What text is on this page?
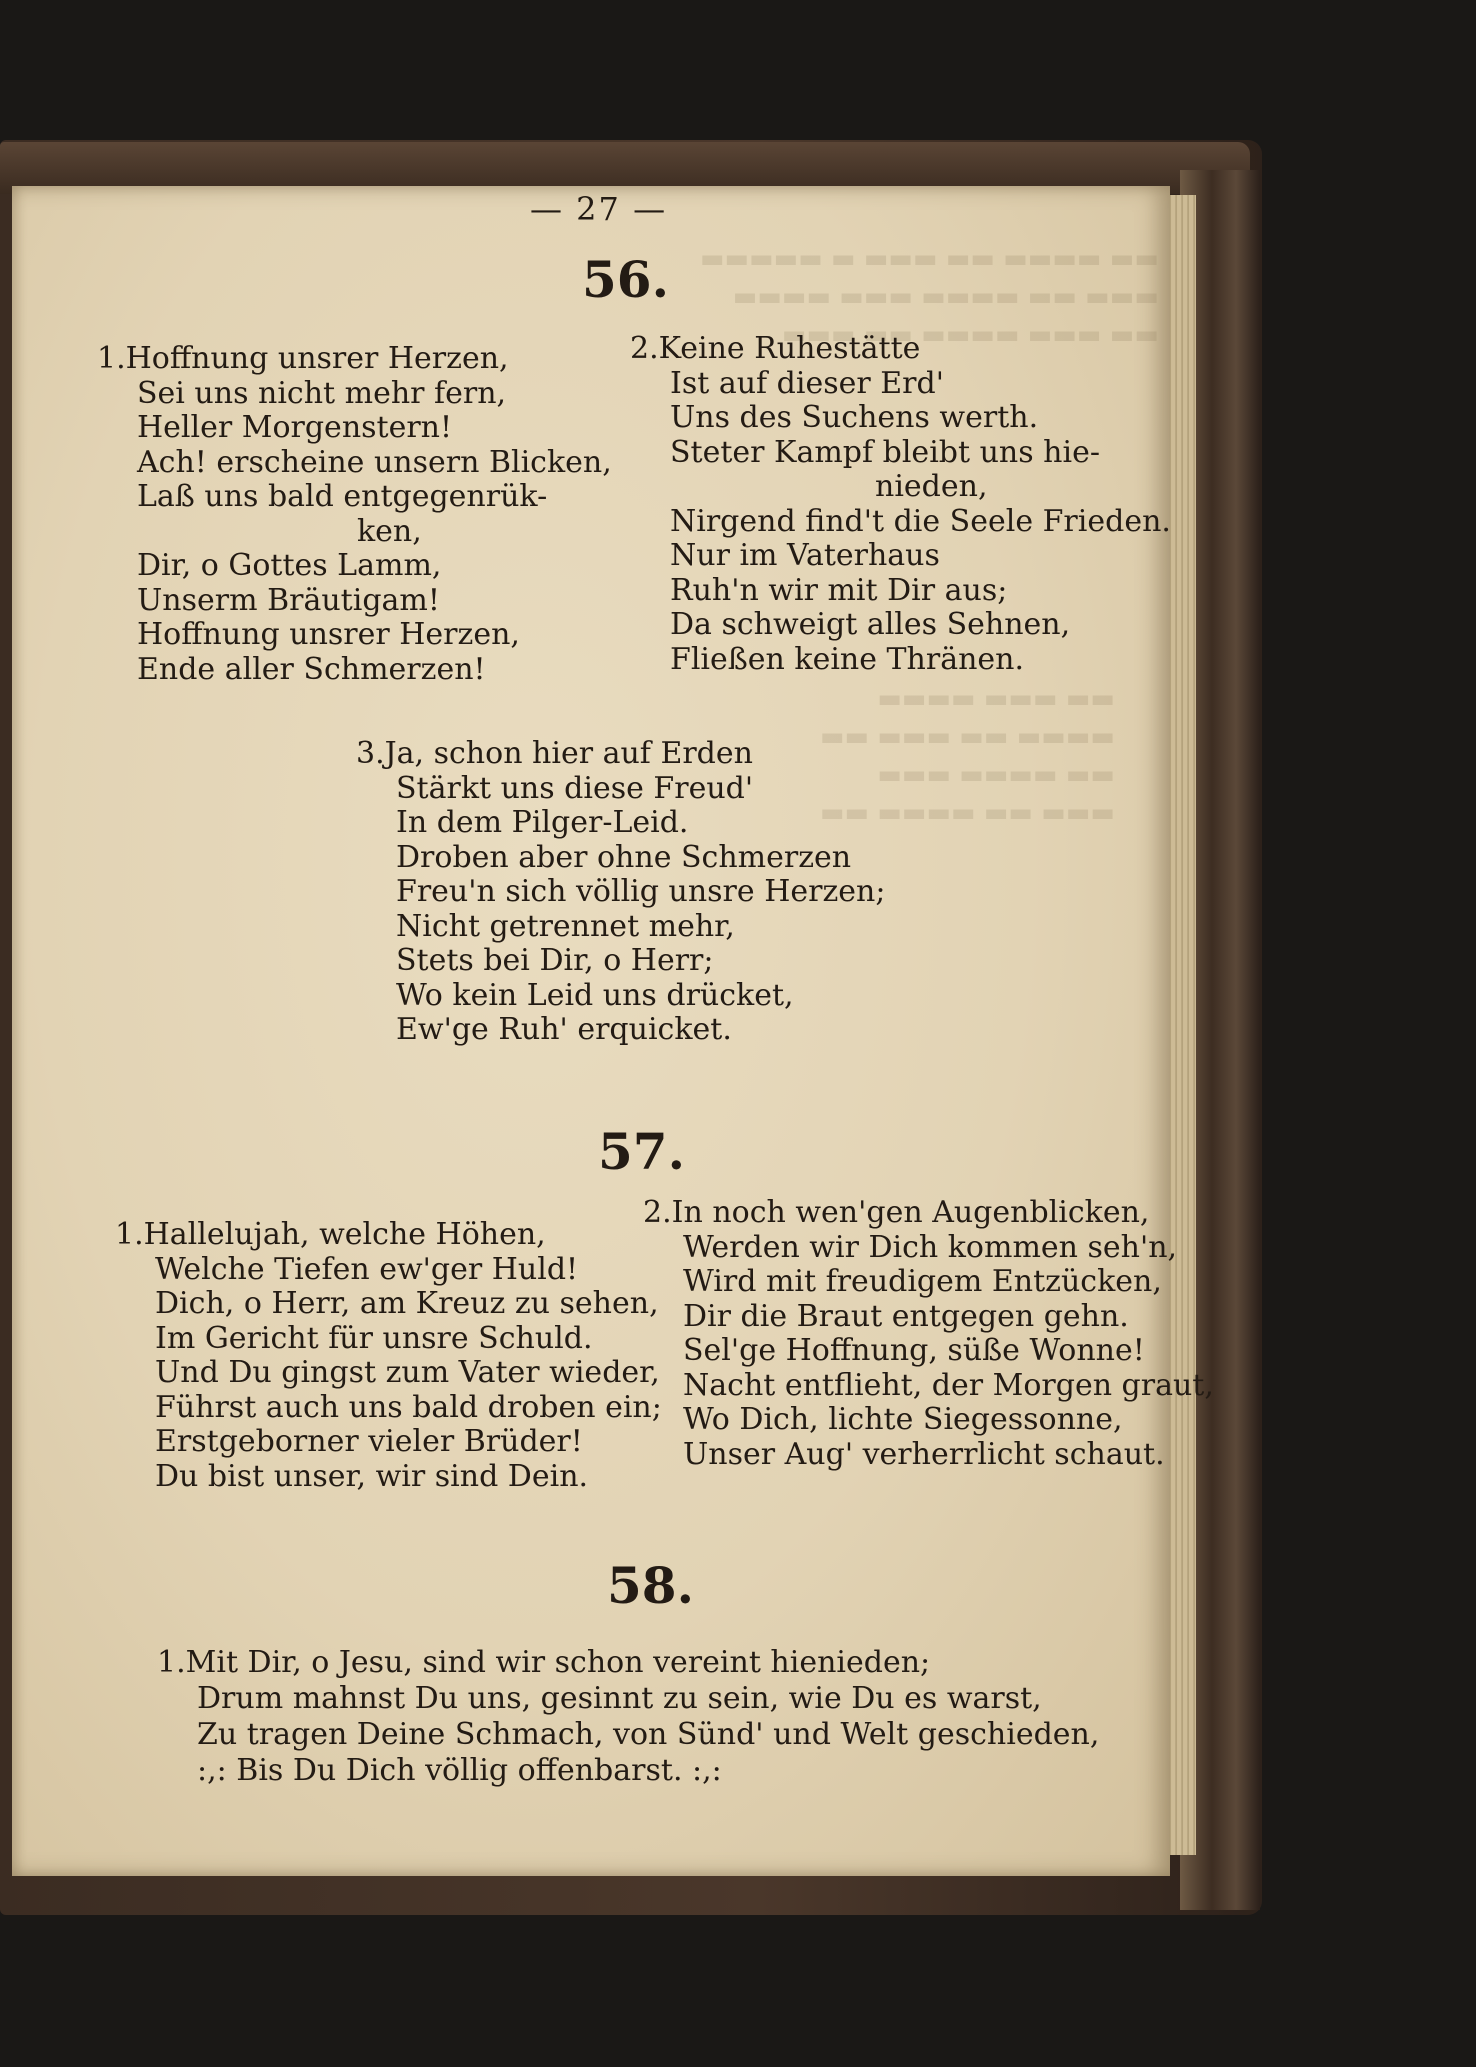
▬▬ ▬▬▬▬ ▬▬ ▬▬▬ ▬ ▬▬▬▬▬
▬▬▬ ▬▬ ▬▬▬▬ ▬▬▬ ▬▬▬▬
▬▬ ▬▬▬ ▬▬▬▬ ▬▬ ▬▬▬
▬▬ ▬▬▬ ▬▬▬▬
▬▬▬▬ ▬▬ ▬▬▬ ▬▬
▬▬ ▬▬▬▬ ▬▬▬
▬▬▬ ▬▬ ▬▬▬▬ ▬▬
— 27 —
56.
1.Hoffnung unsrer Herzen,
Sei uns nicht mehr fern,
Heller Morgenstern!
Ach! erscheine unsern Blicken,
Laß uns bald entgegenrük-
ken,
Dir, o Gottes Lamm,
Unserm Bräutigam!
Hoffnung unsrer Herzen,
Ende aller Schmerzen!
2.Keine Ruhestätte
Ist auf dieser Erd'
Uns des Suchens werth.
Steter Kampf bleibt uns hie-
nieden,
Nirgend find't die Seele Frieden.
Nur im Vaterhaus
Ruh'n wir mit Dir aus;
Da schweigt alles Sehnen,
Fließen keine Thränen.
3.Ja, schon hier auf Erden
Stärkt uns diese Freud'
In dem Pilger-Leid.
Droben aber ohne Schmerzen
Freu'n sich völlig unsre Herzen;
Nicht getrennet mehr,
Stets bei Dir, o Herr;
Wo kein Leid uns drücket,
Ew'ge Ruh' erquicket.
57.
1.Hallelujah, welche Höhen,
Welche Tiefen ew'ger Huld!
Dich, o Herr, am Kreuz zu sehen,
Im Gericht für unsre Schuld.
Und Du gingst zum Vater wieder,
Führst auch uns bald droben ein;
Erstgeborner vieler Brüder!
Du bist unser, wir sind Dein.
2.In noch wen'gen Augenblicken,
Werden wir Dich kommen seh'n,
Wird mit freudigem Entzücken,
Dir die Braut entgegen gehn.
Sel'ge Hoffnung, süße Wonne!
Nacht entflieht, der Morgen graut,
Wo Dich, lichte Siegessonne,
Unser Aug' verherrlicht schaut.
58.
1.Mit Dir, o Jesu, sind wir schon vereint hienieden;
Drum mahnst Du uns, gesinnt zu sein, wie Du es warst,
Zu tragen Deine Schmach, von Sünd' und Welt geschieden,
:,: Bis Du Dich völlig offenbarst. :,:
